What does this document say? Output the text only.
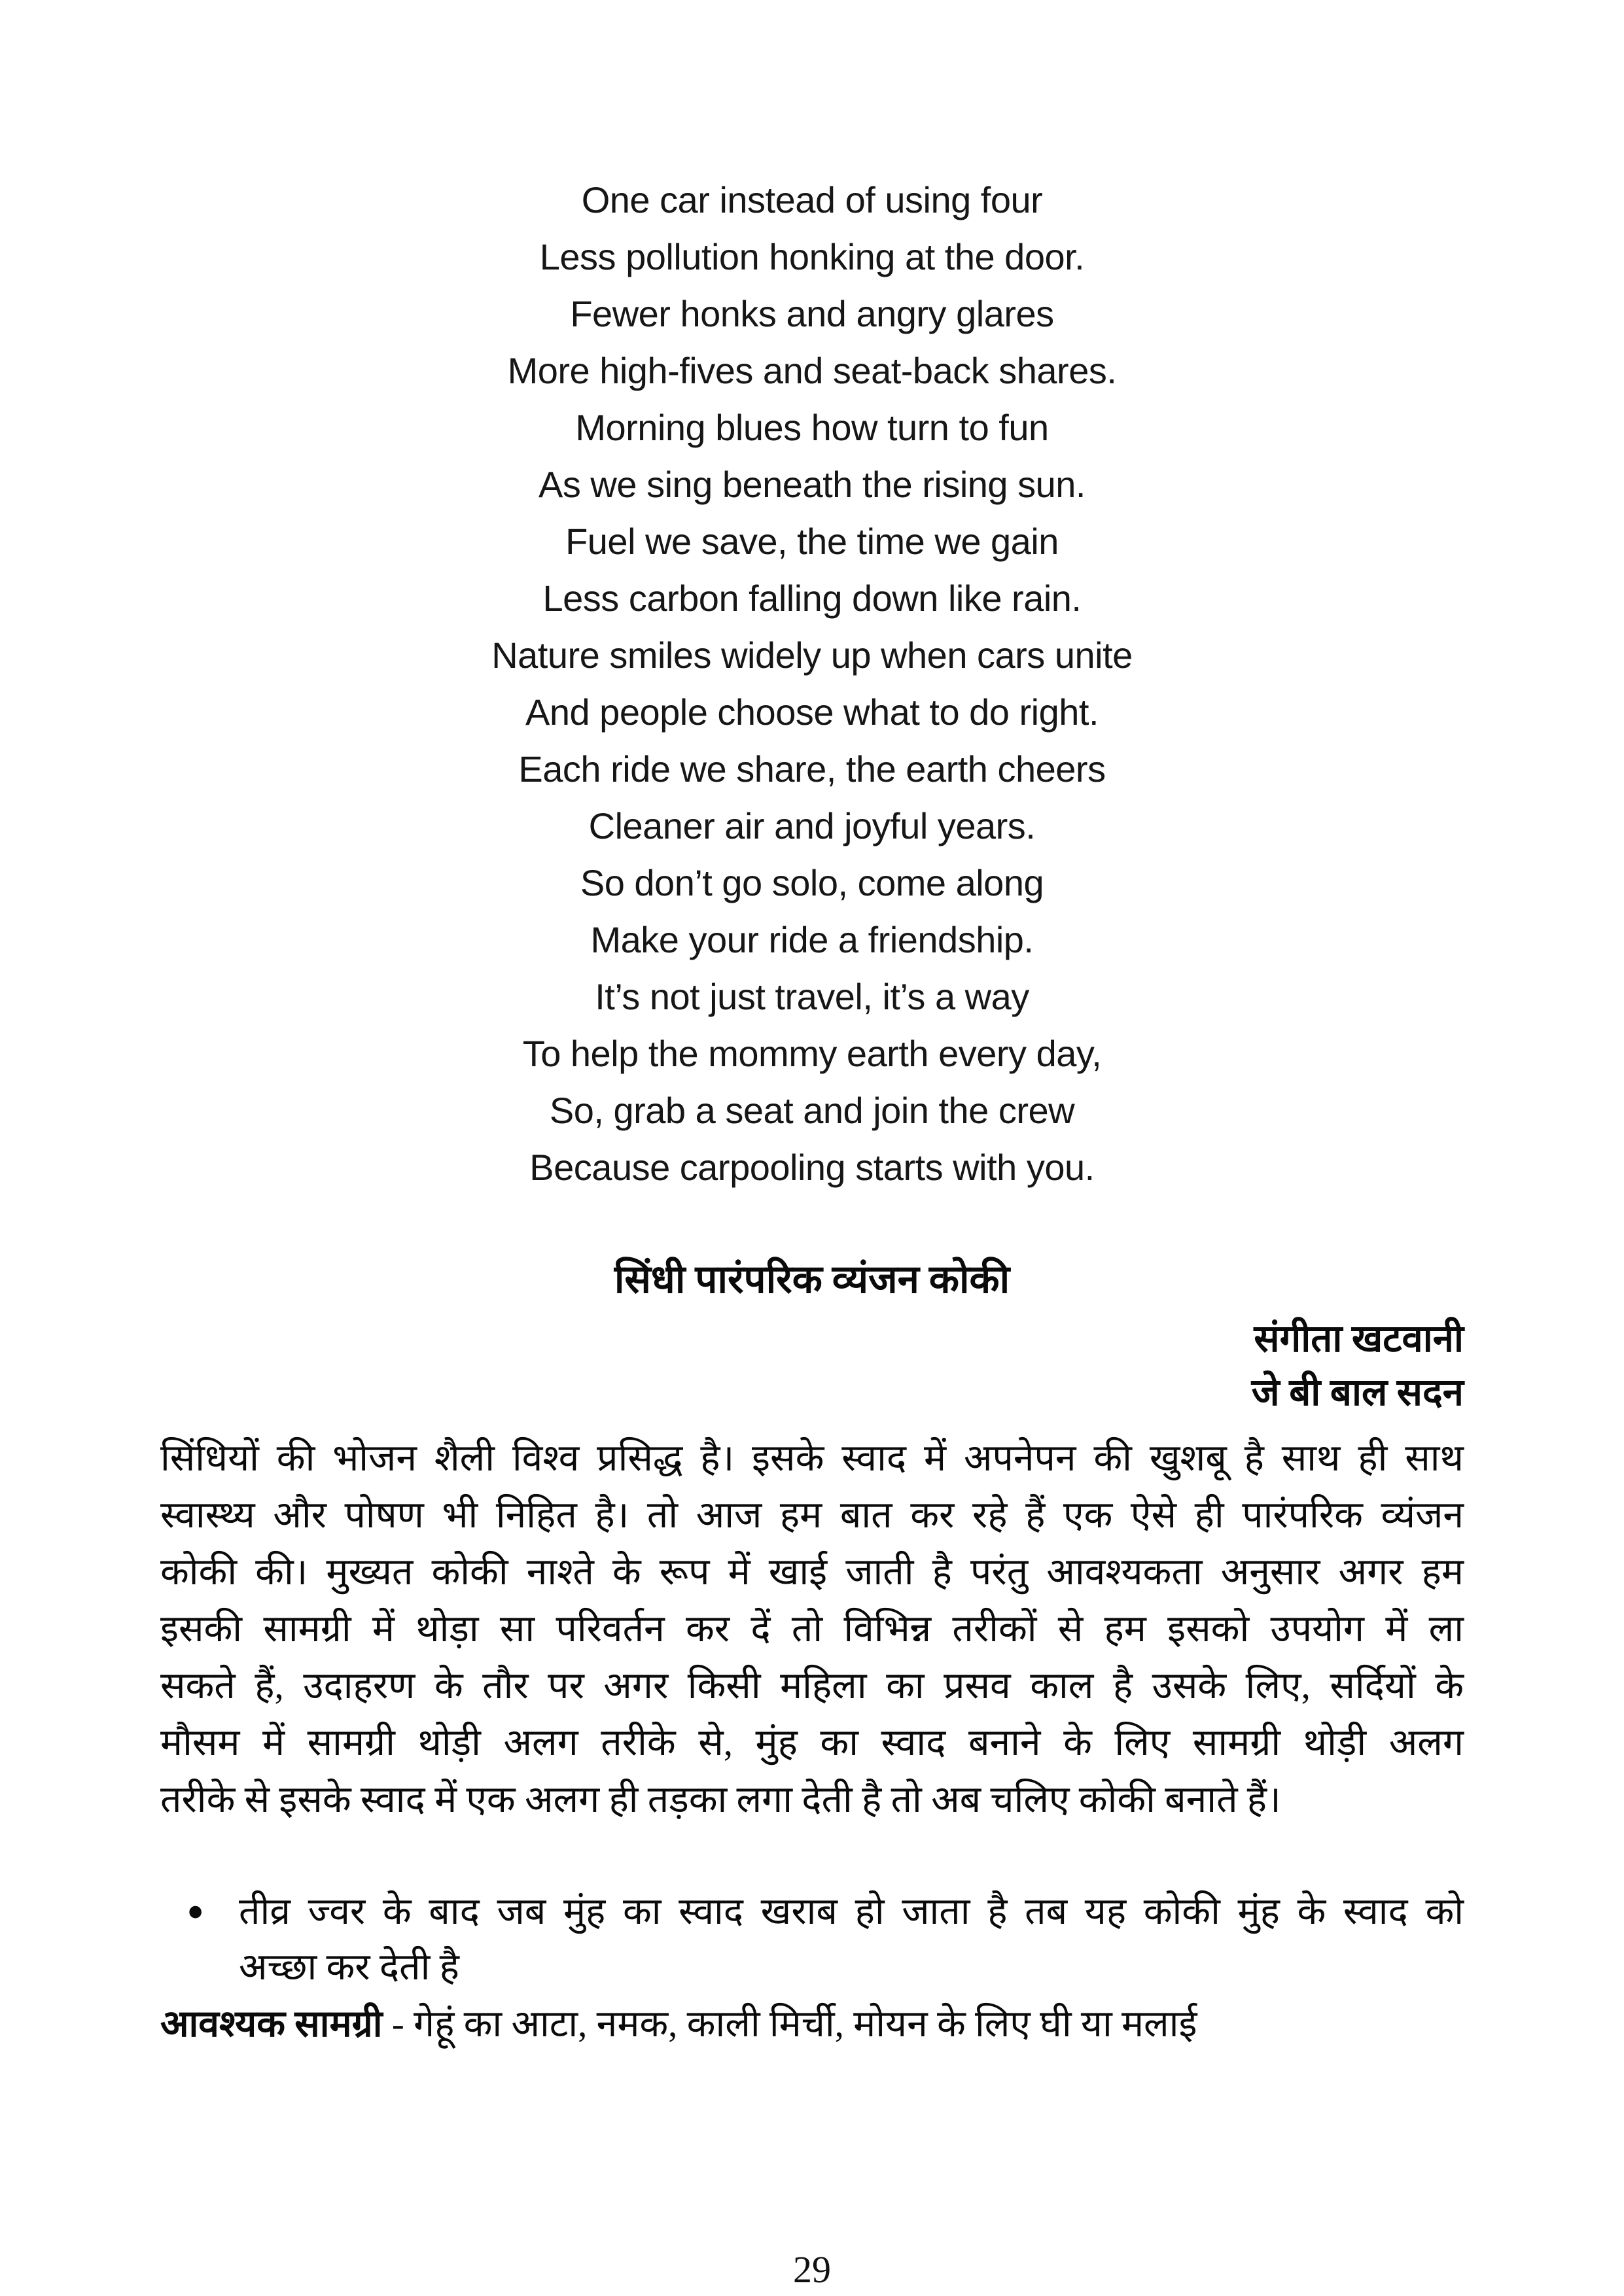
One car instead of using four
Less pollution honking at the door.
Fewer honks and angry glares
More high-fives and seat-back shares.
Morning blues how turn to fun
As we sing beneath the rising sun.
Fuel we save, the time we gain
Less carbon falling down like rain.
Nature smiles widely up when cars unite
And people choose what to do right.
Each ride we share, the earth cheers
Cleaner air and joyful years.
So don’t go solo, come along
Make your ride a friendship.
It’s not just travel, it’s a way
To help the mommy earth every day,
So, grab a seat and join the crew
Because carpooling starts with you.
सिंधी पारंपरिक व्यंजन कोकी
संगीता खटवानी
जे बी बाल सदन
सिंधियों की भोजन शैली विश्व प्रसिद्ध है। इसके स्वाद में अपनेपन की खुशबू है साथ ही साथ
स्वास्थ्य और पोषण भी निहित है। तो आज हम बात कर रहे हैं एक ऐसे ही पारंपरिक व्यंजन
कोकी की। मुख्यत कोकी नाश्ते के रूप में खाई जाती है परंतु आवश्यकता अनुसार अगर हम
इसकी सामग्री में थोड़ा सा परिवर्तन कर दें तो विभिन्न तरीकों से हम इसको उपयोग में ला
सकते हैं, उदाहरण के तौर पर अगर किसी महिला का प्रसव काल है उसके लिए, सर्दियों के
मौसम में सामग्री थोड़ी अलग तरीके से, मुंह का स्वाद बनाने के लिए सामग्री थोड़ी अलग
तरीके से इसके स्वाद में एक अलग ही तड़का लगा देती है तो अब चलिए कोकी बनाते हैं।
• तीव्र ज्वर के बाद जब मुंह का स्वाद खराब हो जाता है तब यह कोकी मुंह के स्वाद को
अच्छा कर देती है
आवश्यक सामग्री - गेहूं का आटा, नमक, काली मिर्ची, मोयन के लिए घी या मलाई
29
